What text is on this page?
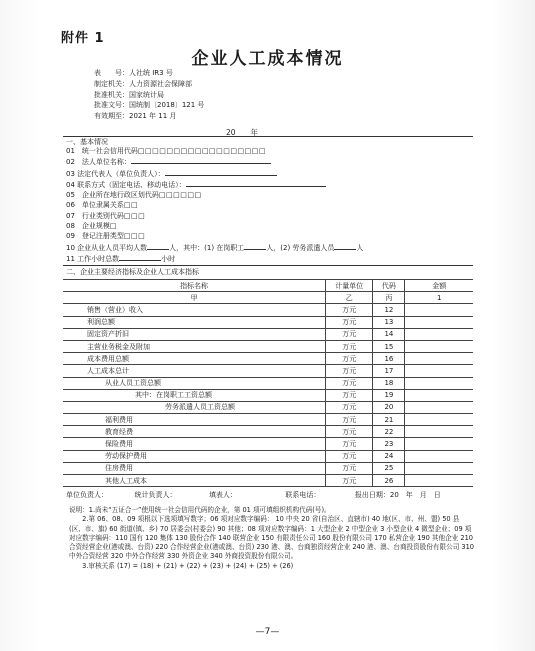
附件 1
企业人工成本情况
表　　号：人社统 IR3 号
制定机关：人力资源社会保障部
批准机关：国家统计局
批准文号：国统制〔2018〕121 号
有效期至：2021 年 11 月
20　　年
一、基本情况
01　统一社会信用代码□□□□□□□□□□□□□□□□□□
02　法人单位名称：
03 法定代表人（单位负责人）：
04 联系方式（固定电话、移动电话）：
05　企业所在地行政区划代码□□□□□□
06　单位隶属关系□□
07　行业类别代码□□□
08　企业规模□
09　登记注册类型□□□
10 企业从业人员平均人数	人，其中：(1) 在岗职工	人，(2) 劳务派遣人员	人
11 工作小时总数	小时
二、企业主要经济指标及企业人工成本指标
指标名称	计量单位	代码	金额
甲	乙	丙	1
销售（营业）收入	万元	12	
利润总额	万元	13	
固定资产折旧	万元	14	
主营业务税金及附加	万元	15	
成本费用总额	万元	16	
人工成本总计	万元	17	
从业人员工资总额	万元	18	
其中：在岗职工工资总额	万元	19	
劳务派遣人员工资总额	万元	20	
福利费用	万元	21	
教育经费	万元	22	
保险费用	万元	23	
劳动保护费用	万元	24	
住房费用	万元	25	
其他人工成本	万元	26	
单位负责人：	统计负责人：	填表人：	联系电话：	报出日期：20　年　月　日

说明：1.尚未“五证合一”使用统一社会信用代码的企业，第 01 项可填组织机构代码(号)。

　　2.第 06、08、09 项根以下选项填写数字；06 项对应数字编码： 10 中央 20 省(自治区、直辖市) 40 地(区、市、州、盟) 50 县(区、市、旗) 60 街道(镇、乡) 70 居委会(村委会) 90 其他；08 项对应数字编码：1 大型企业 2 中型企业 3 小型企业 4 微型企业；09 项对应数字编码：110 国有 120 集体 130 股份合作 140 联营企业 150 有限责任公司 160 股份有限公司 170 私营企业 190 其他企业 210 合资经营企业(港或澳、台资) 220 合作经营企业(港或澳、台资) 230 港、澳、台商独资经营企业 240 港、澳、台商投资股份有限公司 310 中外合资经营 320 中外合作经营 330 外资企业 340 外商投资股份有限公司。

　　3.审核关系 (17) = (18) + (21) + (22) + (23) + (24) + (25) + (26)

—7—
